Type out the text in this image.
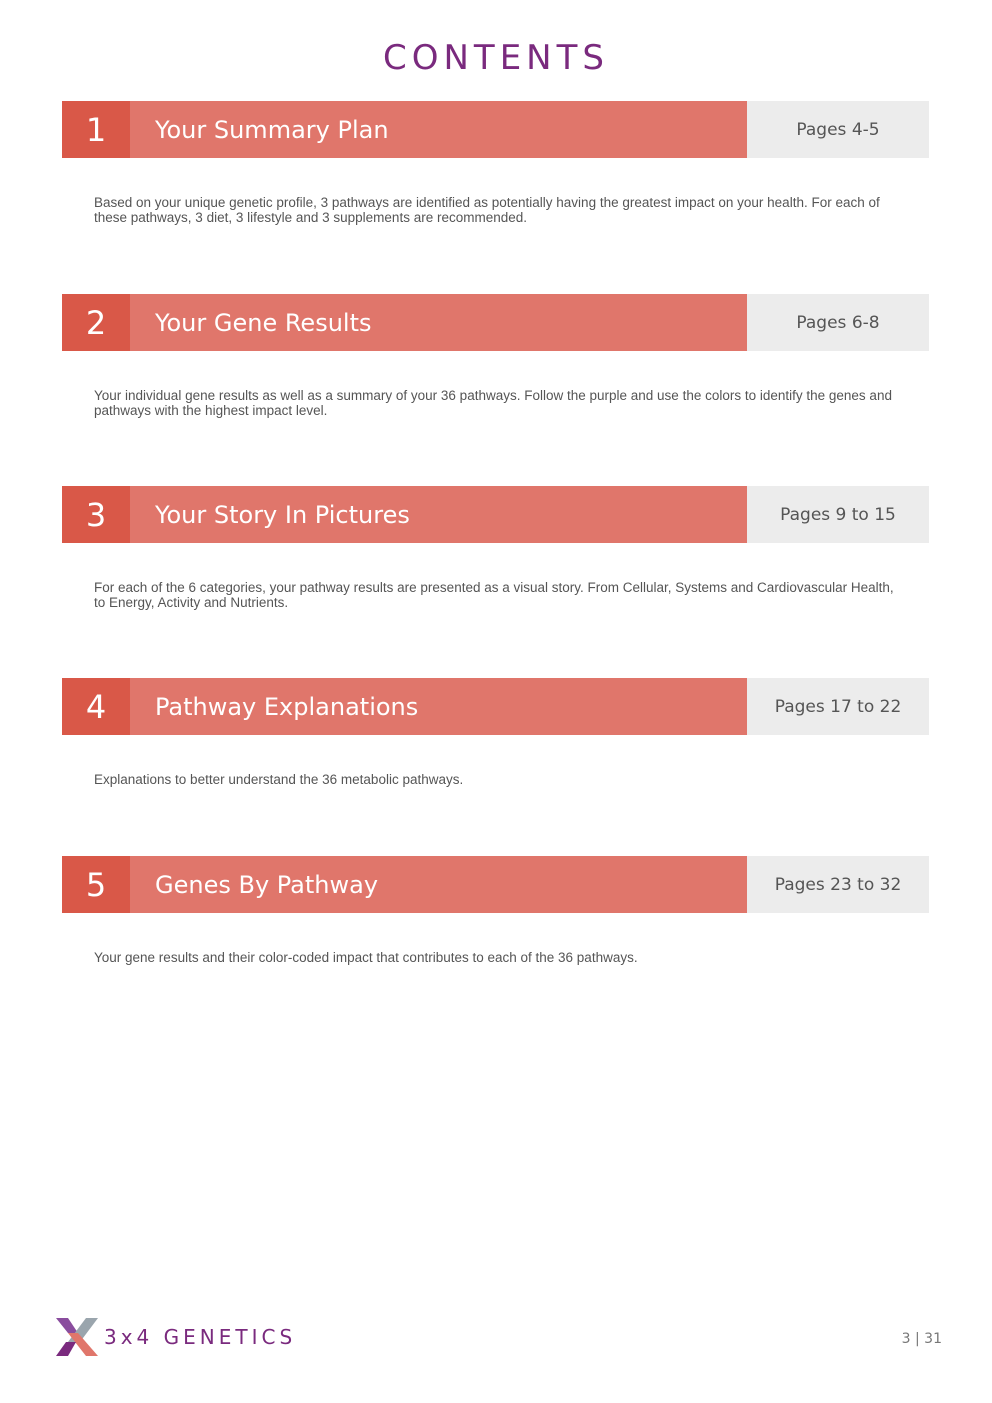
CONTENTS
1	Your Summary Plan	Pages 4-5
Based on your unique genetic profile, 3 pathways are identified as potentially having the greatest impact on your health. For each of these pathways, 3 diet, 3 lifestyle and 3 supplements are recommended.
2	Your Gene Results	Pages 6-8
Your individual gene results as well as a summary of your 36 pathways. Follow the purple and use the colors to identify the genes and pathways with the highest impact level.
3	Your Story In Pictures	Pages 9 to 15
For each of the 6 categories, your pathway results are presented as a visual story. From Cellular, Systems and Cardiovascular Health, to Energy, Activity and Nutrients.
4	Pathway Explanations	Pages 17 to 22
Explanations to better understand the 36 metabolic pathways.
5	Genes By Pathway	Pages 23 to 32
Your gene results and their color-coded impact that contributes to each of the 36 pathways.
3x4 GENETICS	3 | 31
